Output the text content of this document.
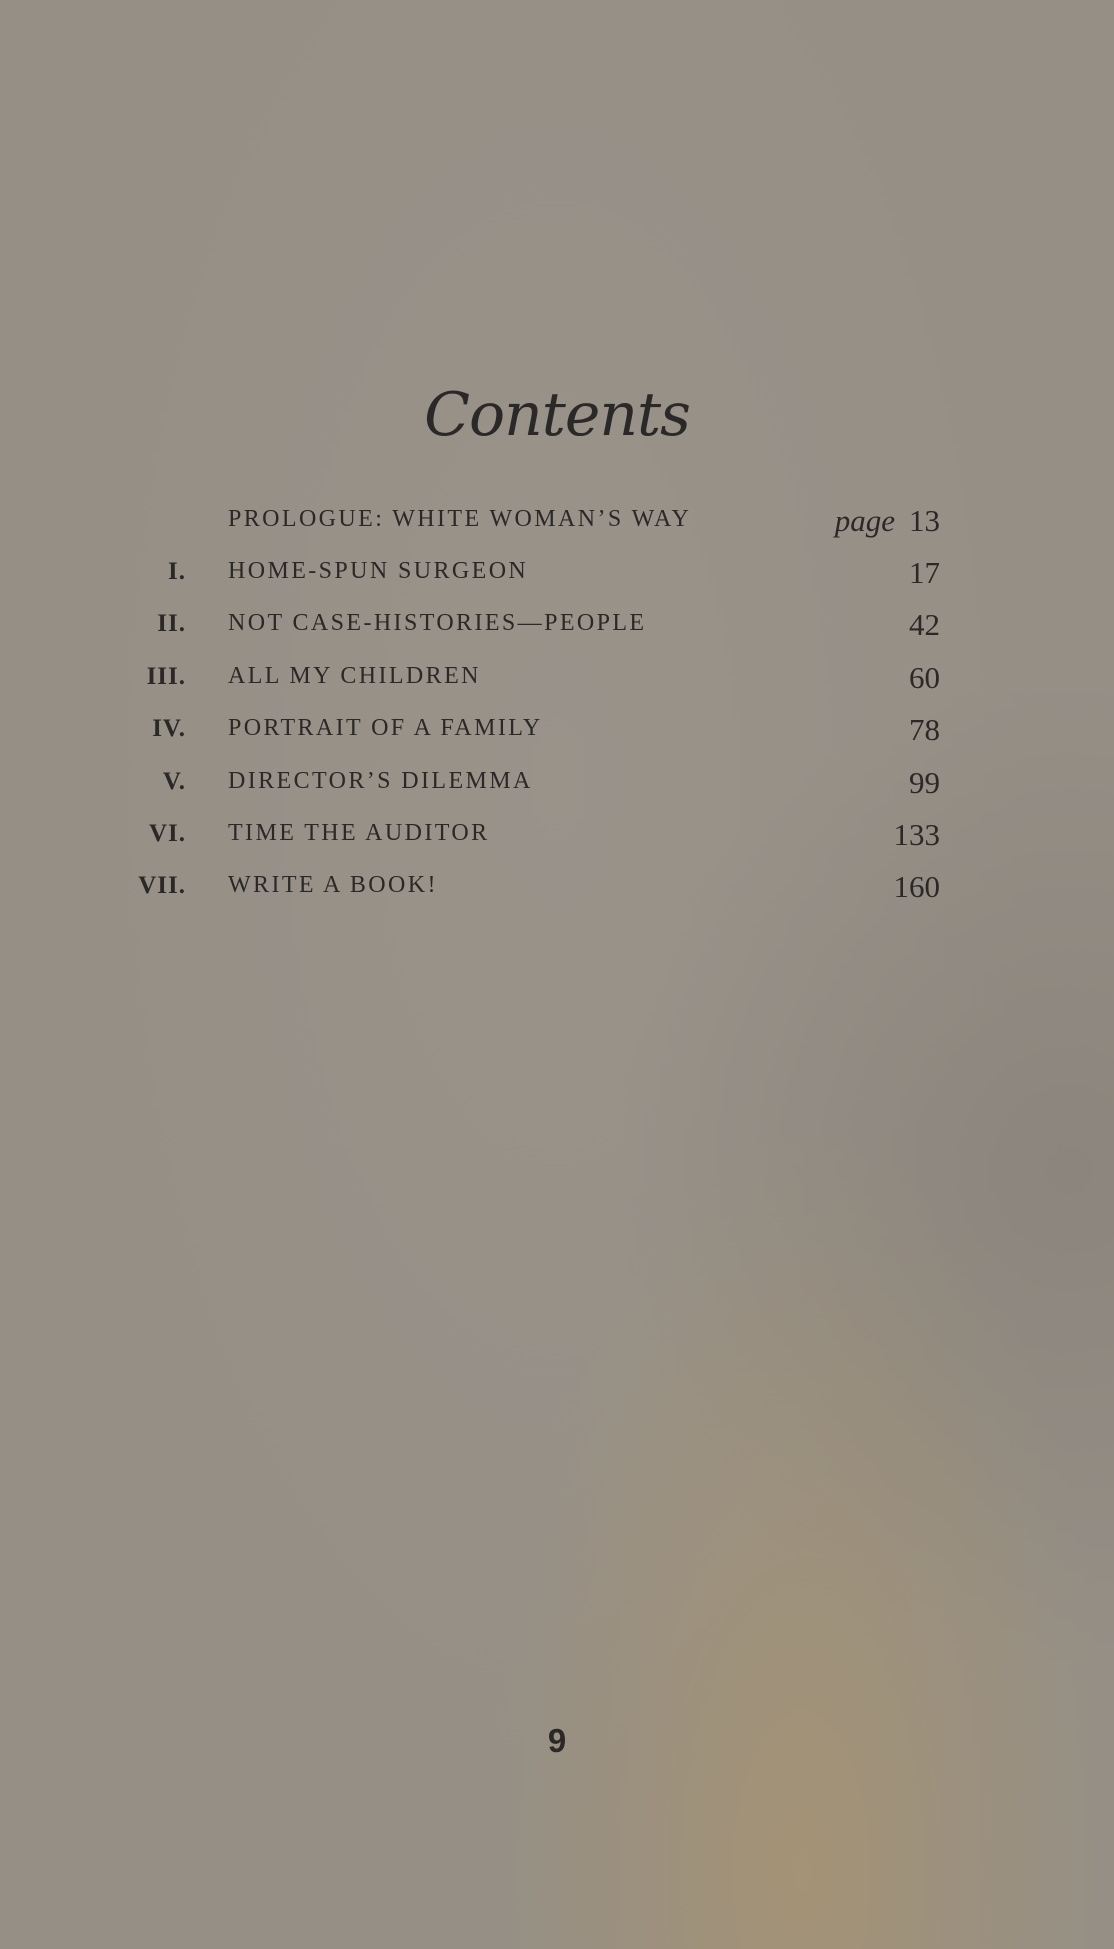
Contents
PROLOGUE: WHITE WOMAN’S WAY	page 13
I. HOME-SPUN SURGEON	17
II. NOT CASE-HISTORIES—PEOPLE	42
III. ALL MY CHILDREN	60
IV. PORTRAIT OF A FAMILY	78
V. DIRECTOR’S DILEMMA	99
VI. TIME THE AUDITOR	133
VII. WRITE A BOOK!	160
9
